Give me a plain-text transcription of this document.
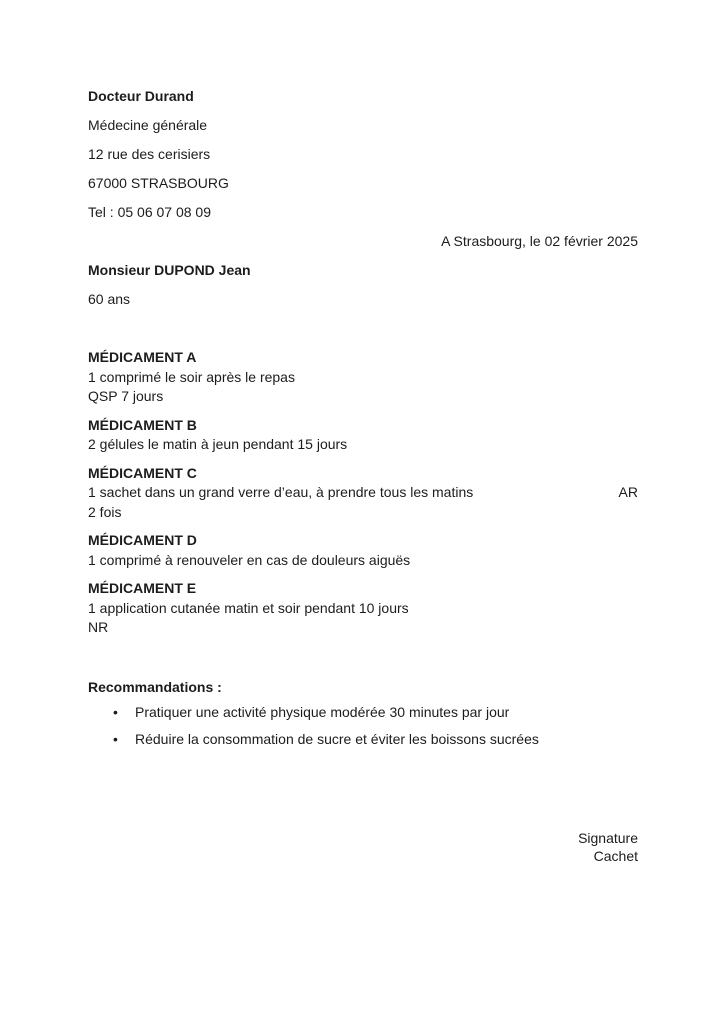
Docteur Durand
Médecine générale
12 rue des cerisiers
67000 STRASBOURG
Tel : 05 06 07 08 09
A Strasbourg, le 02 février 2025
Monsieur DUPOND Jean
60 ans
MÉDICAMENT A
1 comprimé le soir après le repas
QSP 7 jours
MÉDICAMENT B
2 gélules le matin à jeun pendant 15 jours
MÉDICAMENT C
1 sachet dans un grand verre d’eau, à prendre tous les matins	AR
2 fois
MÉDICAMENT D
1 comprimé à renouveler en cas de douleurs aiguës
MÉDICAMENT E
1 application cutanée matin et soir pendant 10 jours
NR
Recommandations :
• Pratiquer une activité physique modérée 30 minutes par jour
• Réduire la consommation de sucre et éviter les boissons sucrées
Signature
Cachet
